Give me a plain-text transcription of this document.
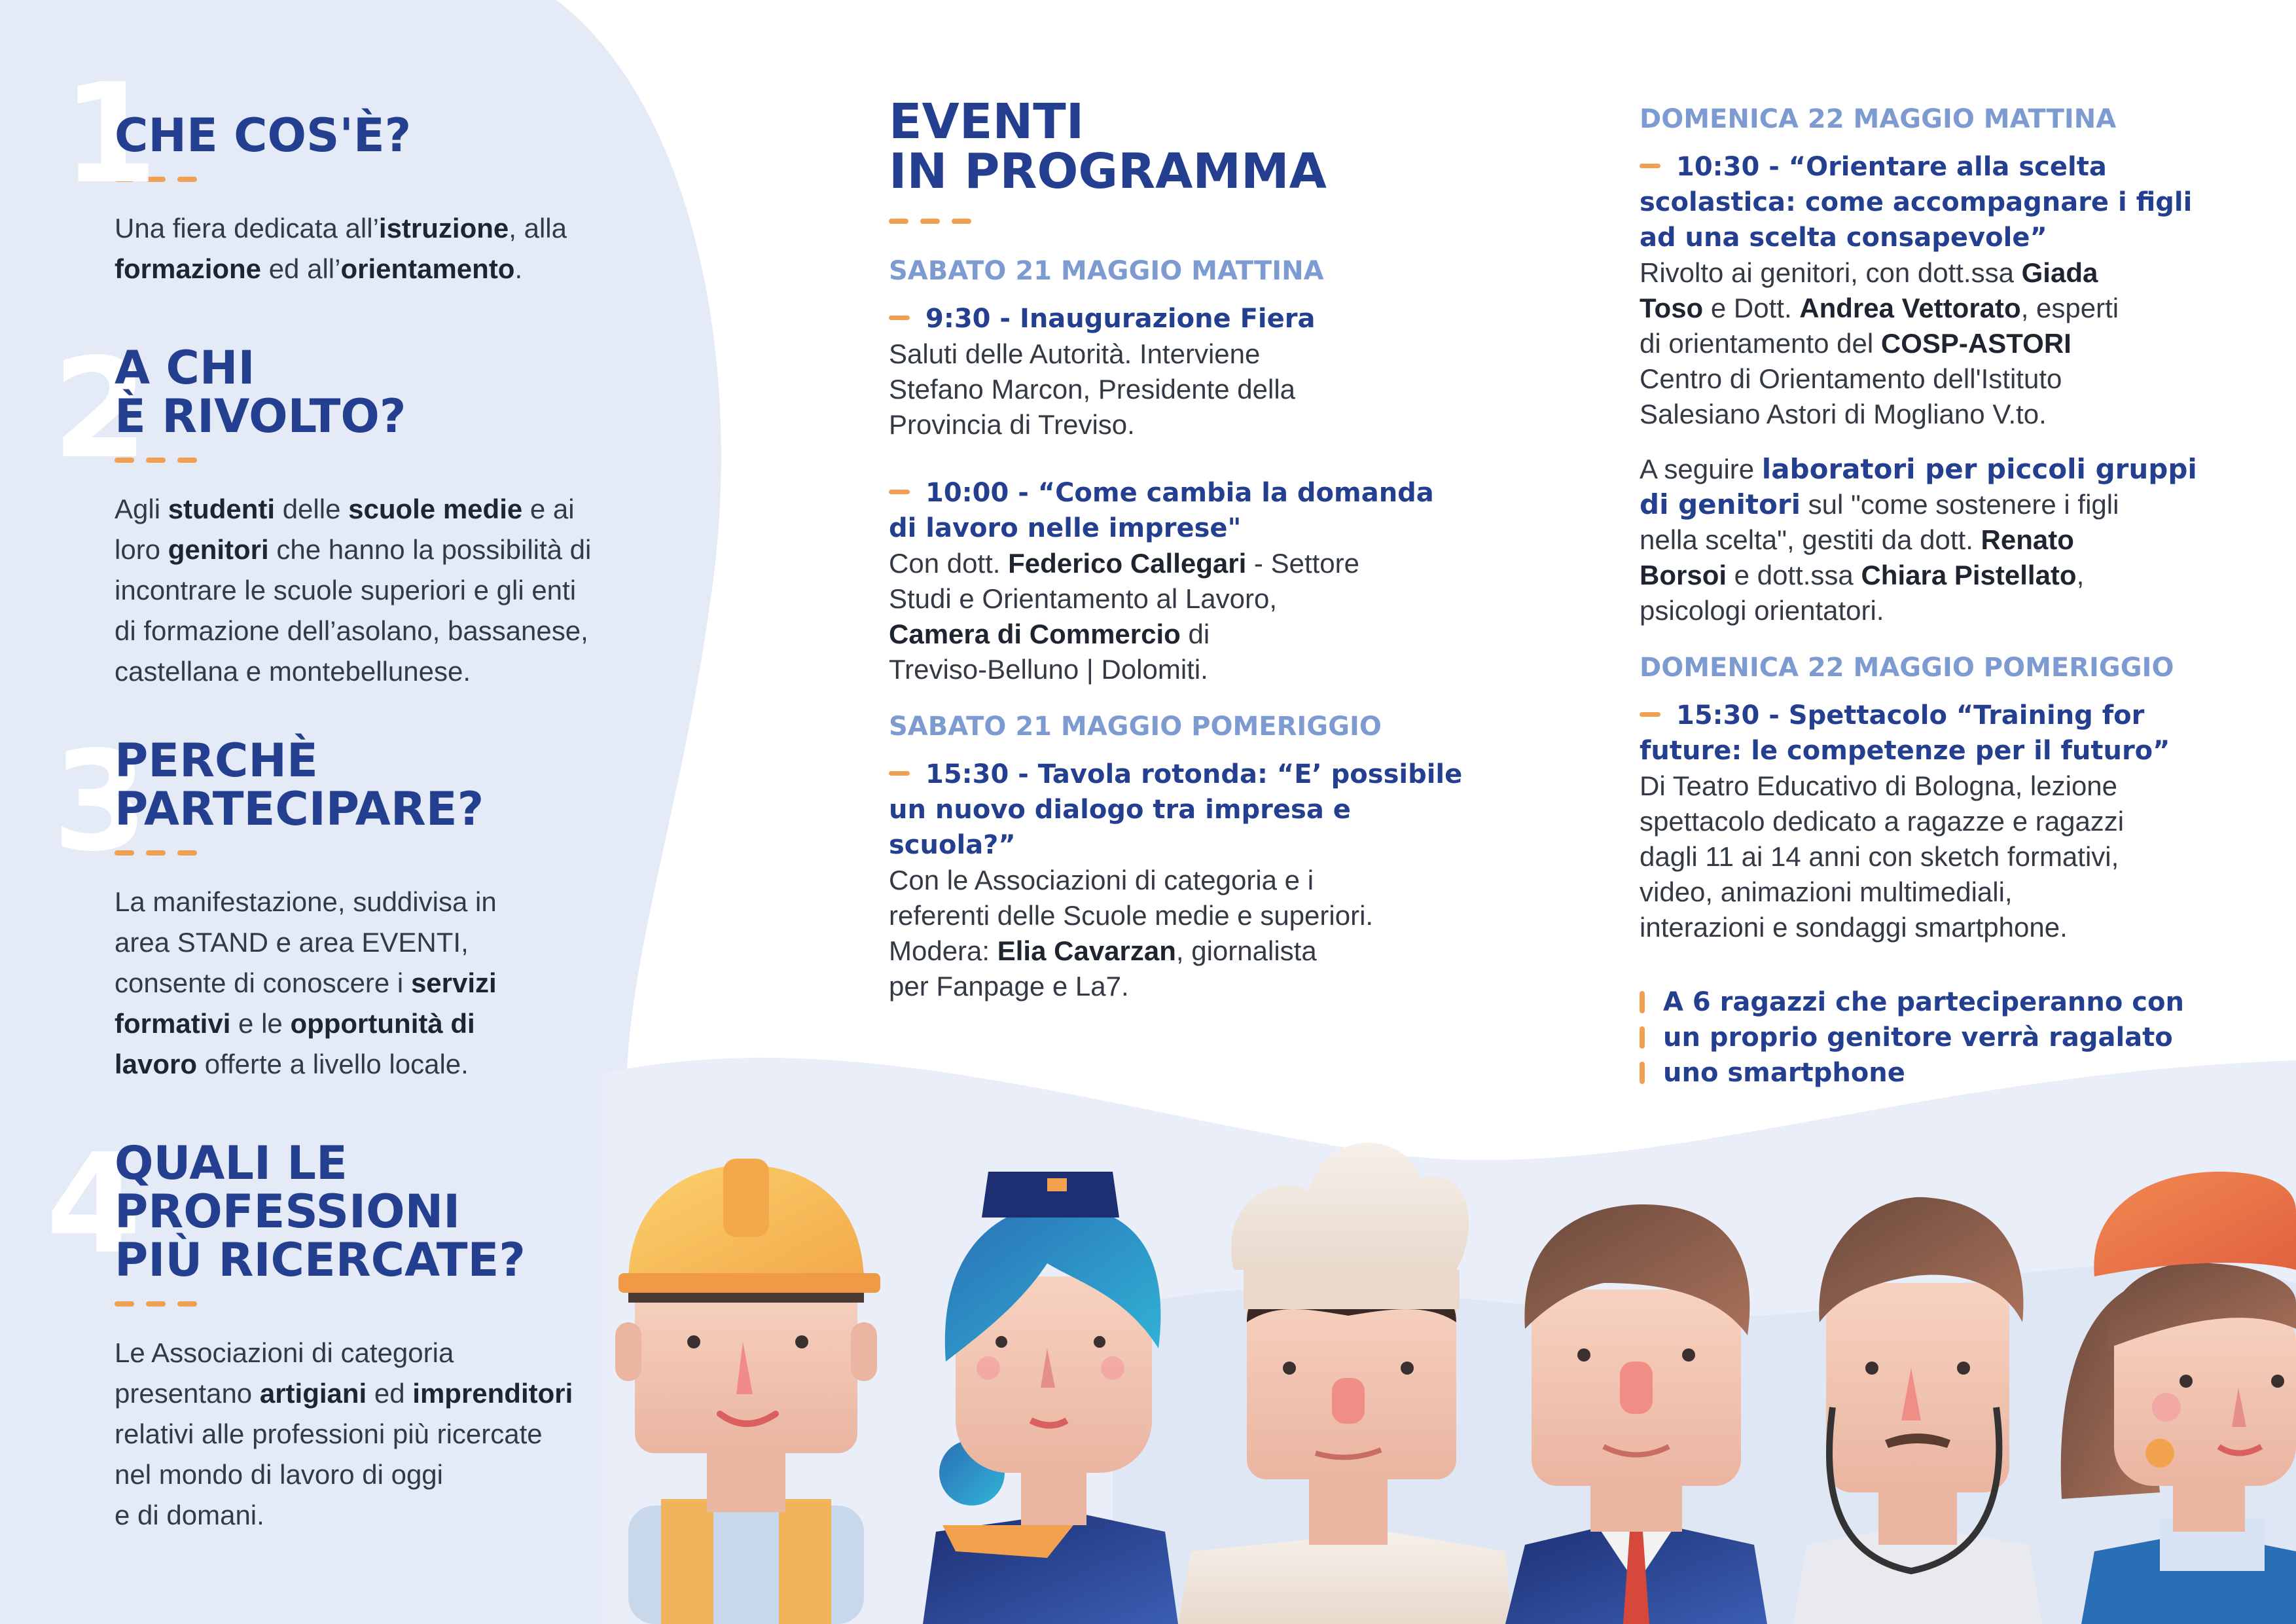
1
CHE COS'È?

Una fiera dedicata all’istruzione, alla
formazione ed all’orientamento.

2
A CHI
È RIVOLTO?

Agli studenti delle scuole medie e ai
loro genitori che hanno la possibilità di
incontrare le scuole superiori e gli enti
di formazione dell’asolano, bassanese,
castellana e montebellunese.

3
PERCHÈ
PARTECIPARE?

La manifestazione, suddivisa in
area STAND e area EVENTI,
consente di conoscere i servizi
formativi e le opportunità di
lavoro offerte a livello locale.

4
QUALI LE
PROFESSIONI
PIÙ RICERCATE?

Le Associazioni di categoria
presentano artigiani ed imprenditori
relativi alle professioni più ricercate
nel mondo di lavoro di oggi
e di domani.

EVENTI
IN PROGRAMMA
SABATO 21 MAGGIO MATTINA

9:30 - Inaugurazione Fiera

Saluti delle Autorità. Interviene
Stefano Marcon, Presidente della
Provincia di Treviso.

10:00 - “Come cambia la domanda
di lavoro nelle imprese"

Con dott. Federico Callegari - Settore
Studi e Orientamento al Lavoro,
Camera di Commercio di
Treviso-Belluno | Dolomiti.

SABATO 21 MAGGIO POMERIGGIO

15:30 - Tavola rotonda: “E’ possibile
un nuovo dialogo tra impresa e
scuola?”

Con le Associazioni di categoria e i
referenti delle Scuole medie e superiori.
Modera: Elia Cavarzan, giornalista
per Fanpage e La7.

DOMENICA 22 MAGGIO MATTINA

10:30 - “Orientare alla scelta
scolastica: come accompagnare i figli
ad una scelta consapevole”

Rivolto ai genitori, con dott.ssa Giada
Toso e Dott. Andrea Vettorato, esperti
di orientamento del COSP-ASTORI
Centro di Orientamento dell'Istituto
Salesiano Astori di Mogliano V.to.

A seguire laboratori per piccoli gruppi
di genitori sul "come sostenere i figli
nella scelta", gestiti da dott. Renato
Borsoi e dott.ssa Chiara Pistellato,
psicologi orientatori.

DOMENICA 22 MAGGIO POMERIGGIO

15:30 - Spettacolo “Training for
future: le competenze per il futuro”

Di Teatro Educativo di Bologna, lezione
spettacolo dedicato a ragazze e ragazzi
dagli 11 ai 14 anni con sketch formativi,
video, animazioni multimediali,
interazioni e sondaggi smartphone.

A 6 ragazzi che parteciperanno con
un proprio genitore verrà ragalato
uno smartphone
